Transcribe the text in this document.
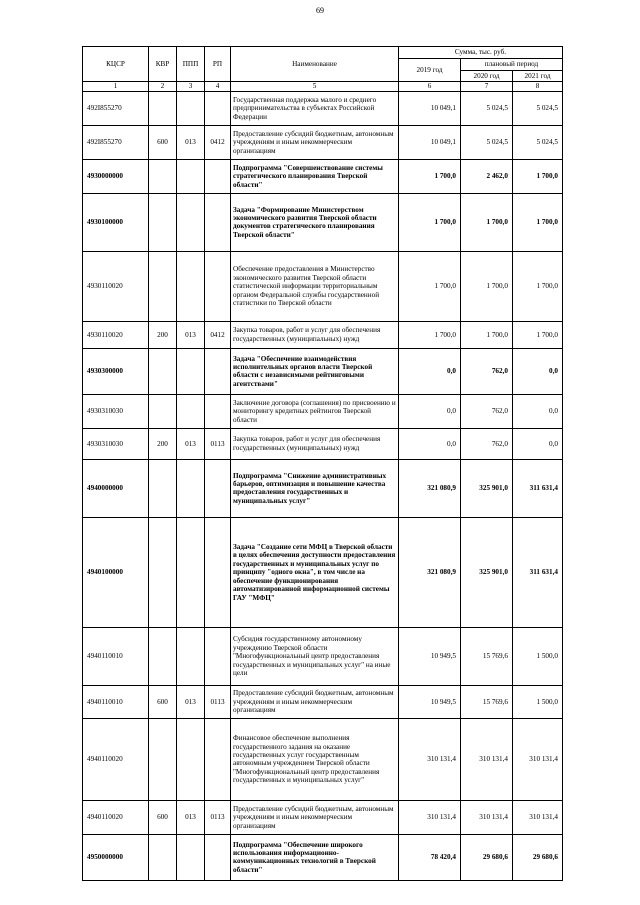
69
КЦСР	КВР	ППП	РП	Наименование	Сумма, тыс. руб.		
					2019 год	плановый период	
						2020 год	2021 год
1	2	3	4	5	6	7	8
492I855270				Государственная поддержка малого и среднего предпринимательства в субъектах Российской Федерации	10 049,1	5 024,5	5 024,5
492I855270	600	013	0412	Предоставление субсидий бюджетным, автономным учреждениям и иным некоммерческим организациям	10 049,1	5 024,5	5 024,5
4930000000				Подпрограмма "Совершенствование системы стратегического планирования Тверской области"	1 700,0	2 462,0	1 700,0
4930100000				Задача "Формирование Министерством экономического развития Тверской области документов стратегического планирования Тверской области"	1 700,0	1 700,0	1 700,0
4930110020				Обеспечение предоставления в Министерство экономического развития Тверской области статистической информации территориальным органом Федеральной службы государственной статистики по Тверской области	1 700,0	1 700,0	1 700,0
4930110020	200	013	0412	Закупка товаров, работ и услуг для обеспечения государственных (муниципальных) нужд	1 700,0	1 700,0	1 700,0
4930300000				Задача "Обеспечение взаимодействия исполнительных органов власти Тверской области с независимыми рейтинговыми агентствами"	0,0	762,0	0,0
4930310030				Заключение договора (соглашения) по присвоению и мониторингу кредитных рейтингов Тверской области	0,0	762,0	0,0
4930310030	200	013	0113	Закупка товаров, работ и услуг для обеспечения государственных (муниципальных) нужд	0,0	762,0	0,0
4940000000				Подпрограмма "Снижение административных барьеров, оптимизация и повышение качества предоставления государственных и муниципальных услуг"	321 080,9	325 901,0	311 631,4
4940100000				Задача "Создание сети МФЦ в Тверской области в целях обеспечения доступности предоставления государственных и муниципальных услуг по принципу "одного окна", в том числе на обеспечение функционирования автоматизированной информационной системы ГАУ "МФЦ"	321 080,9	325 901,0	311 631,4
4940110010				Субсидия государственному автономному учреждению Тверской области "Многофункциональный центр предоставления государственных и муниципальных услуг" на иные цели	10 949,5	15 769,6	1 500,0
4940110010	600	013	0113	Предоставление субсидий бюджетным, автономным учреждениям и иным некоммерческим организациям	10 949,5	15 769,6	1 500,0
4940110020				Финансовое обеспечение выполнения государственного задания на оказание государственных услуг государственным автономным учреждением Тверской области "Многофункциональный центр предоставления государственных и муниципальных услуг"	310 131,4	310 131,4	310 131,4
4940110020	600	013	0113	Предоставление субсидий бюджетным, автономным учреждениям и иным некоммерческим организациям	310 131,4	310 131,4	310 131,4
4950000000				Подпрограмма "Обеспечение широкого использования информационно-коммуникационных технологий в Тверской области"	78 420,4	29 680,6	29 680,6
